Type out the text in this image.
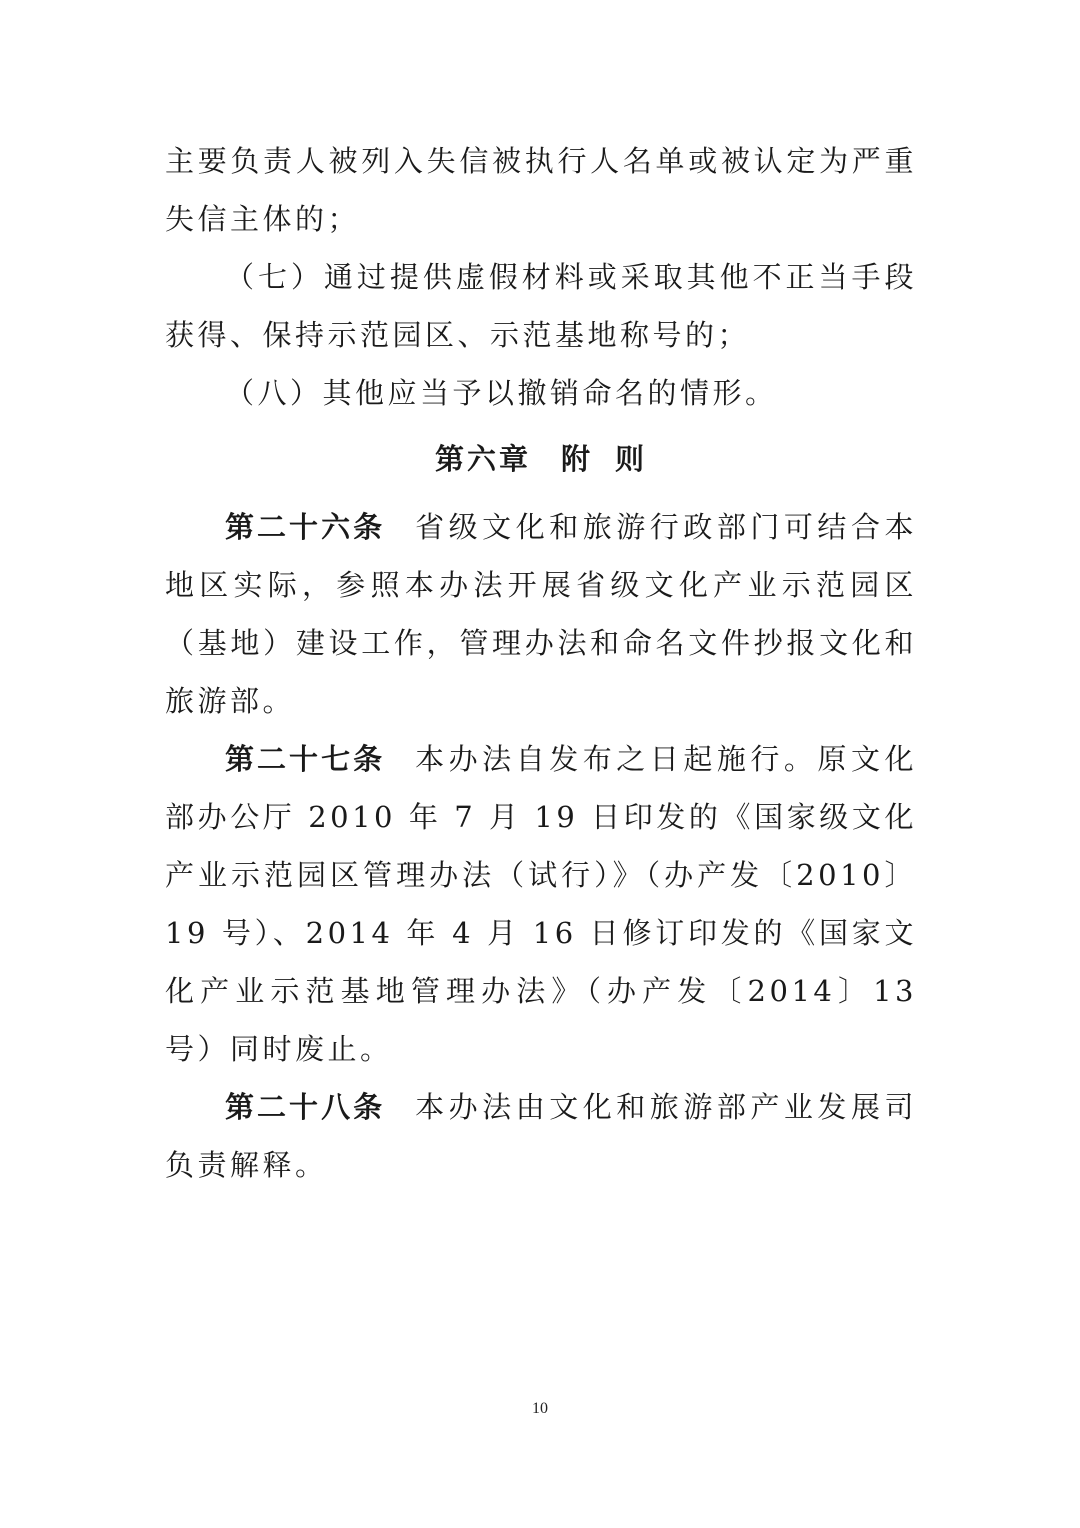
主要负责人被列入失信被执行人名单或被认定为严重失信主体的；

（七）通过提供虚假材料或采取其他不正当手段获得、保持示范园区、示范基地称号的；

（八）其他应当予以撤销命名的情形。

第六章 附 则

第二十六条 省级文化和旅游行政部门可结合本地区实际，参照本办法开展省级文化产业示范园区（基地）建设工作，管理办法和命名文件抄报文化和旅游部。

第二十七条 本办法自发布之日起施行。原文化部办公厅 2010 年 7 月 19 日印发的《国家级文化产业示范园区管理办法（试行）》（办产发〔2010〕19 号）、2014 年 4 月 16 日修订印发的《国家文化产业示范基地管理办法》（办产发〔2014〕13 号）同时废止。

第二十八条 本办法由文化和旅游部产业发展司负责解释。

10
